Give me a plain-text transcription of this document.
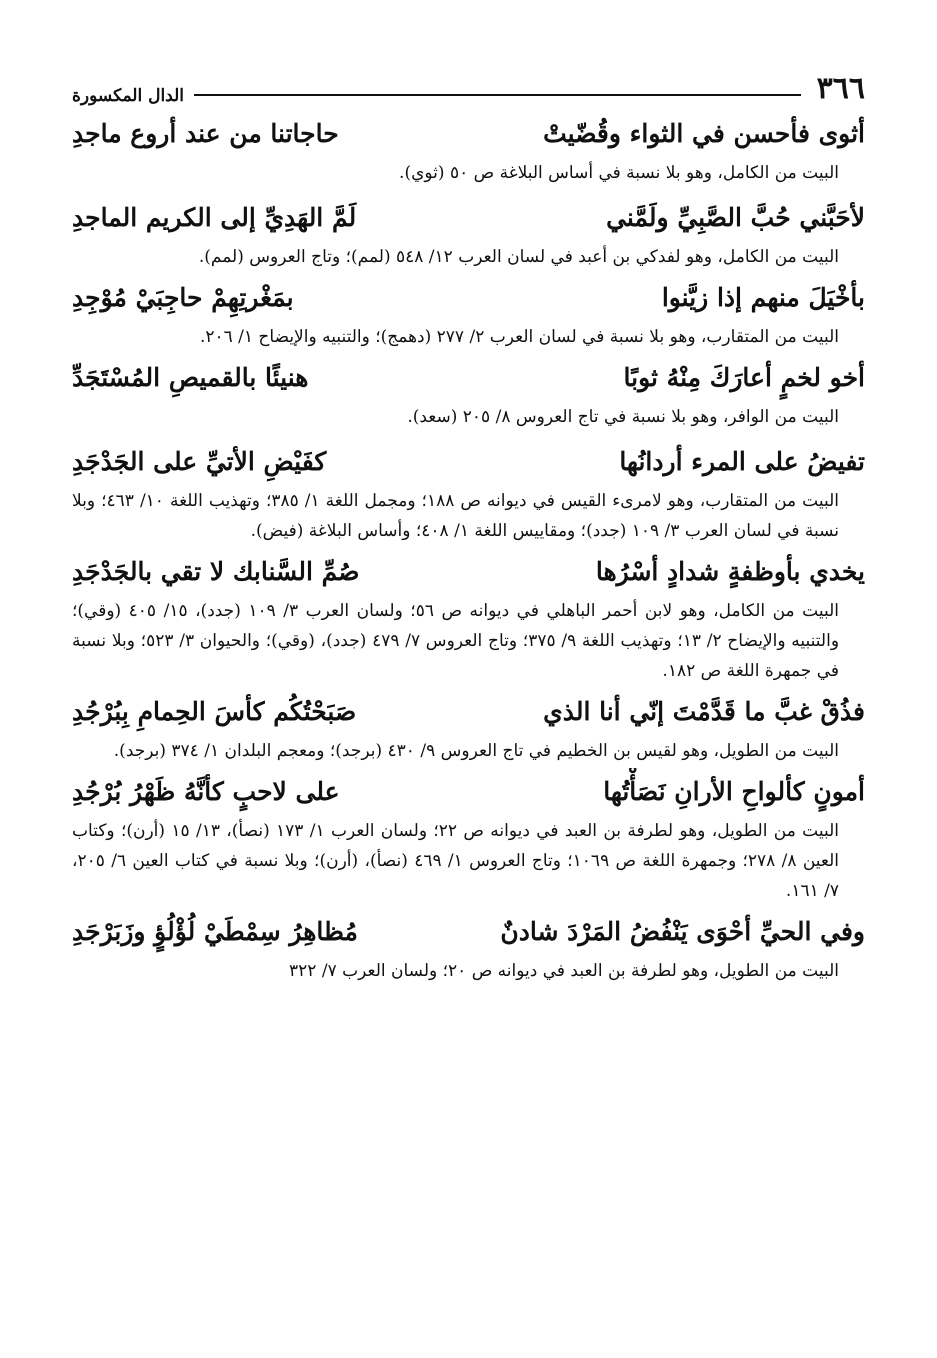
٣٦٦
الدال المكسورة
أثوى فأحسن في الثواء وقُضّيتْ
حاجاتنا من عند أروع ماجدِ

البيت من الكامل، وهو بلا نسبة في أساس البلاغة ص ٥٠ (ثوي).

لأحَبَّني حُبَّ الصَّبِيِّ ولَمَّني
لَمَّ الهَدِيِّ إلى الكريم الماجدِ

البيت من الكامل، وهو لفدكي بن أعبد في لسان العرب ١٢/ ٥٤٨ (لمم)؛ وتاج العروس (لمم).

بأخْيَلَ منهم إذا زيَّنوا
بمَغْرتِهِمْ حاجِبَيْ مُوْجِدِ

البيت من المتقارب، وهو بلا نسبة في لسان العرب ٢/ ٢٧٧ (دهمج)؛ والتنبيه والإيضاح ١/ ٢٠٦.

أخو لخمٍ أعارَكَ مِنْهُ ثوبًا
هنيئًا بالقميصِ المُسْتَجَدِّ

البيت من الوافر، وهو بلا نسبة في تاج العروس ٨/ ٢٠٥ (سعد).

تفيضُ على المرء أردانُها
كفَيْضِ الأتيِّ على الجَدْجَدِ

البيت من المتقارب، وهو لامرىء القيس في ديوانه ص ١٨٨؛ ومجمل اللغة ١/ ٣٨٥؛ وتهذيب اللغة ١٠/ ٤٦٣؛ وبلا نسبة في لسان العرب ٣/ ١٠٩ (جدد)؛ ومقاييس اللغة ١/ ٤٠٨؛ وأساس البلاغة (فيض).

يخدي بأوظفةٍ شدادٍ أسْرُها
صُمِّ السَّنابك لا تقي بالجَدْجَدِ

البيت من الكامل، وهو لابن أحمر الباهلي في ديوانه ص ٥٦؛ ولسان العرب ٣/ ١٠٩ (جدد)، ١٥/ ٤٠٥ (وقي)؛ والتنبيه والإيضاح ٢/ ١٣؛ وتهذيب اللغة ٩/ ٣٧٥؛ وتاج العروس ٧/ ٤٧٩ (جدد)، (وقي)؛ والحيوان ٣/ ٥٢٣؛ وبلا نسبة في جمهرة اللغة ص ١٨٢.

فذُقْ غبَّ ما قَدَّمْتَ إنّي أنا الذي
صَبَحْتُكُم كأسَ الحِمامِ بِبُرْجُدِ

البيت من الطويل، وهو لقيس بن الخطيم في تاج العروس ٩/ ٤٣٠ (برجد)؛ ومعجم البلدان ١/ ٣٧٤ (برجد).

أمونٍ كألواحِ الأرانِ نَصَأْتُها
على لاحبٍ كأنَّهُ ظَهْرُ بُرْجُدِ

البيت من الطويل، وهو لطرفة بن العبد في ديوانه ص ٢٢؛ ولسان العرب ١/ ١٧٣ (نصأ)، ١٣/ ١٥ (أرن)؛ وكتاب العين ٨/ ٢٧٨؛ وجمهرة اللغة ص ١٠٦٩؛ وتاج العروس ١/ ٤٦٩ (نصأ)، (أرن)؛ وبلا نسبة في كتاب العين ٦/ ٢٠٥، ٧/ ١٦١.

وفي الحيِّ أحْوَى يَنْفُضُ المَرْدَ شادنٌ
مُظاهِرُ سِمْطَيْ لُؤْلُؤٍ وزَبَرْجَدِ

البيت من الطويل، وهو لطرفة بن العبد في ديوانه ص ٢٠؛ ولسان العرب ٧/ ٣٢٢
